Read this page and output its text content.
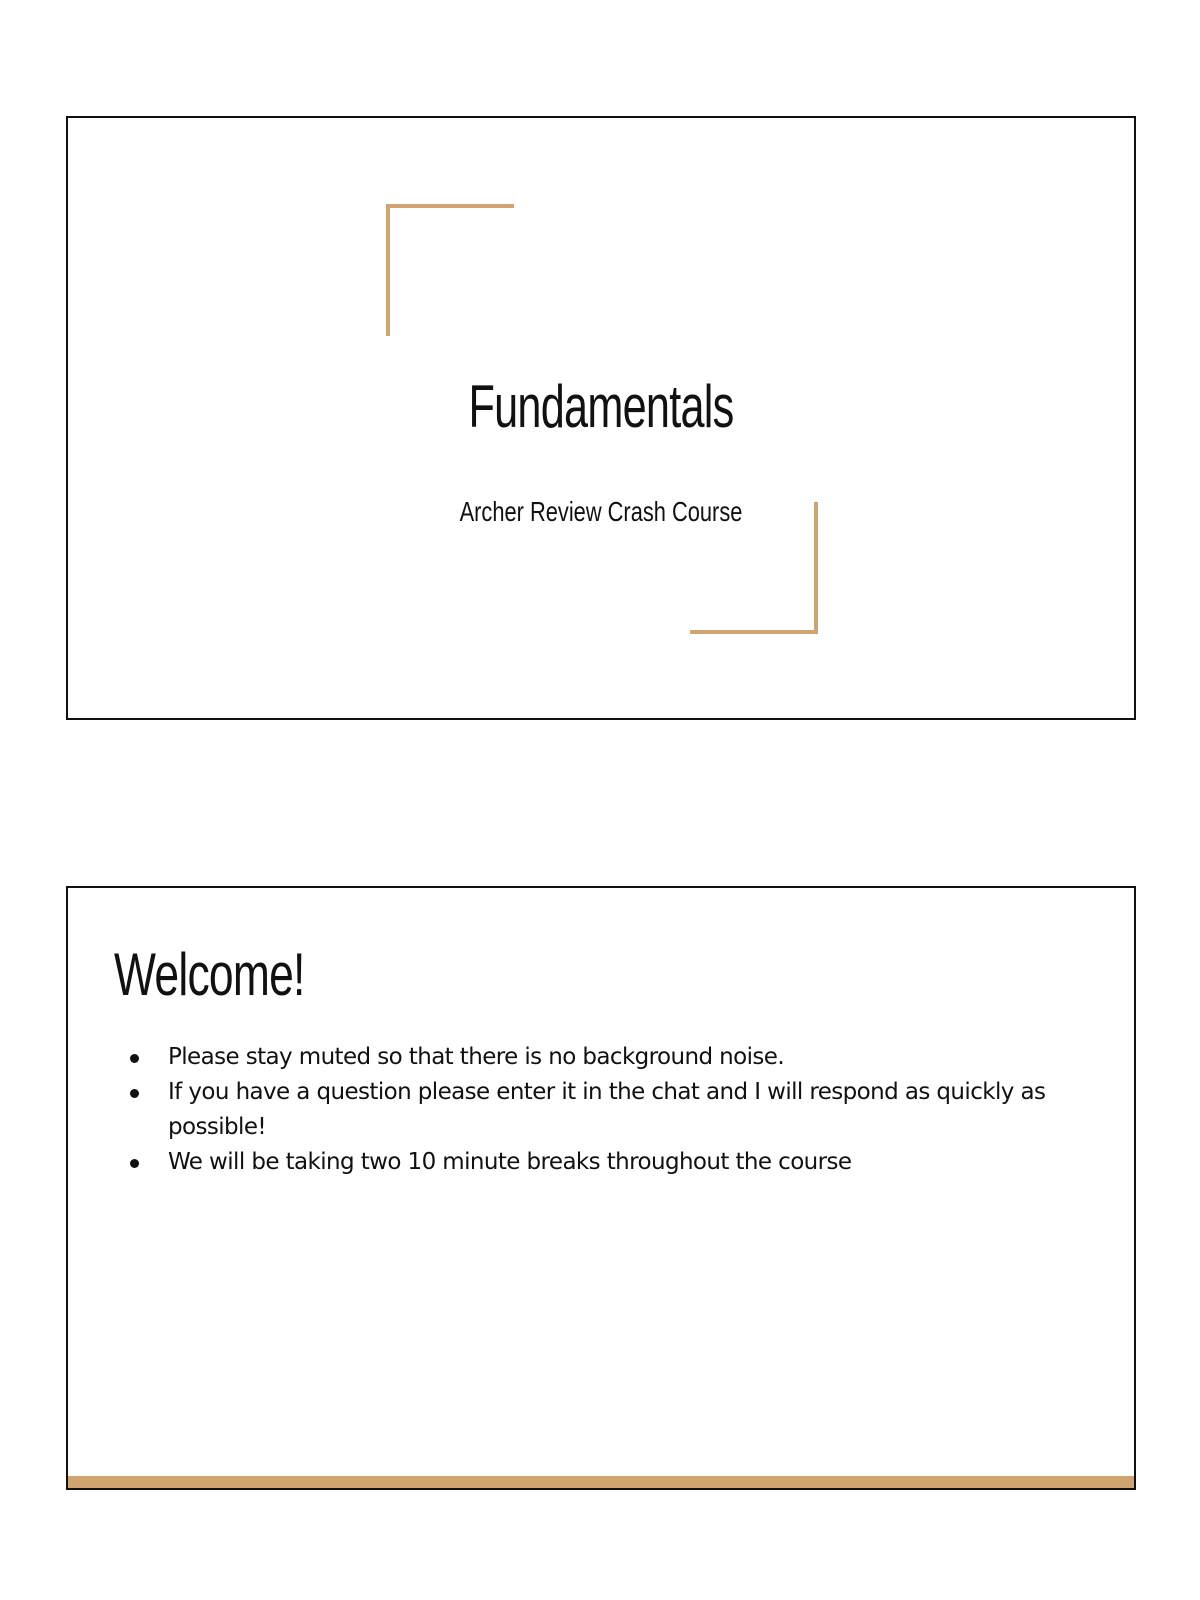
Fundamentals

Archer Review Crash Course

Welcome!
Please stay muted so that there is no background noise.
If you have a question please enter it in the chat and I will respond as quickly as possible!
We will be taking two 10 minute breaks throughout the course
